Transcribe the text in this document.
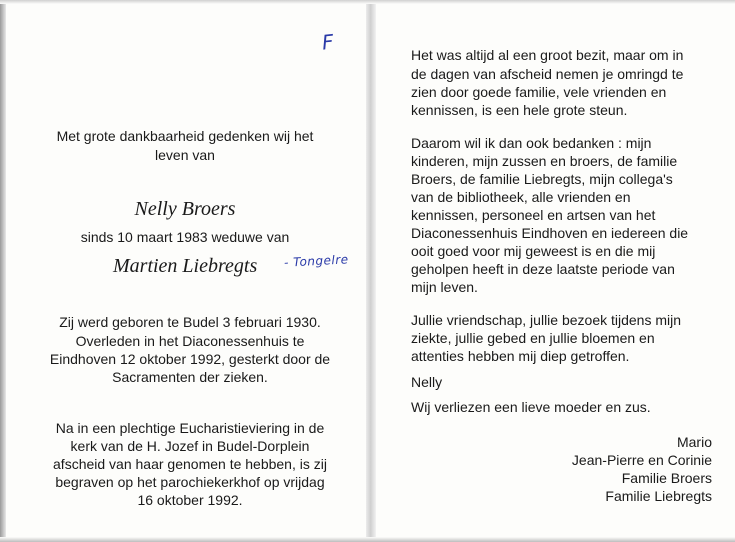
F
- Tongelre
Met grote dankbaarheid gedenken wij het
leven van
Nelly Broers
sinds 10 maart 1983 weduwe van
Martien Liebregts
Zij werd geboren te Budel 3 februari 1930.
Overleden in het Diaconessenhuis te
Eindhoven 12 oktober 1992, gesterkt door de
Sacramenten der zieken.
Na in een plechtige Eucharistieviering in de
kerk van de H. Jozef in Budel-Dorplein
afscheid van haar genomen te hebben, is zij
begraven op het parochiekerkhof op vrijdag
16 oktober 1992.
Het was altijd al een groot bezit, maar om in
de dagen van afscheid nemen je omringd te
zien door goede familie, vele vrienden en
kennissen, is een hele grote steun.
Daarom wil ik dan ook bedanken : mijn
kinderen, mijn zussen en broers, de familie
Broers, de familie Liebregts, mijn collega's
van de bibliotheek, alle vrienden en
kennissen, personeel en artsen van het
Diaconessenhuis Eindhoven en iedereen die
ooit goed voor mij geweest is en die mij
geholpen heeft in deze laatste periode van
mijn leven.
Jullie vriendschap, jullie bezoek tijdens mijn
ziekte, jullie gebed en jullie bloemen en
attenties hebben mij diep getroffen.
Nelly
Wij verliezen een lieve moeder en zus.
Mario
Jean-Pierre en Corinie
Familie Broers
Familie Liebregts
